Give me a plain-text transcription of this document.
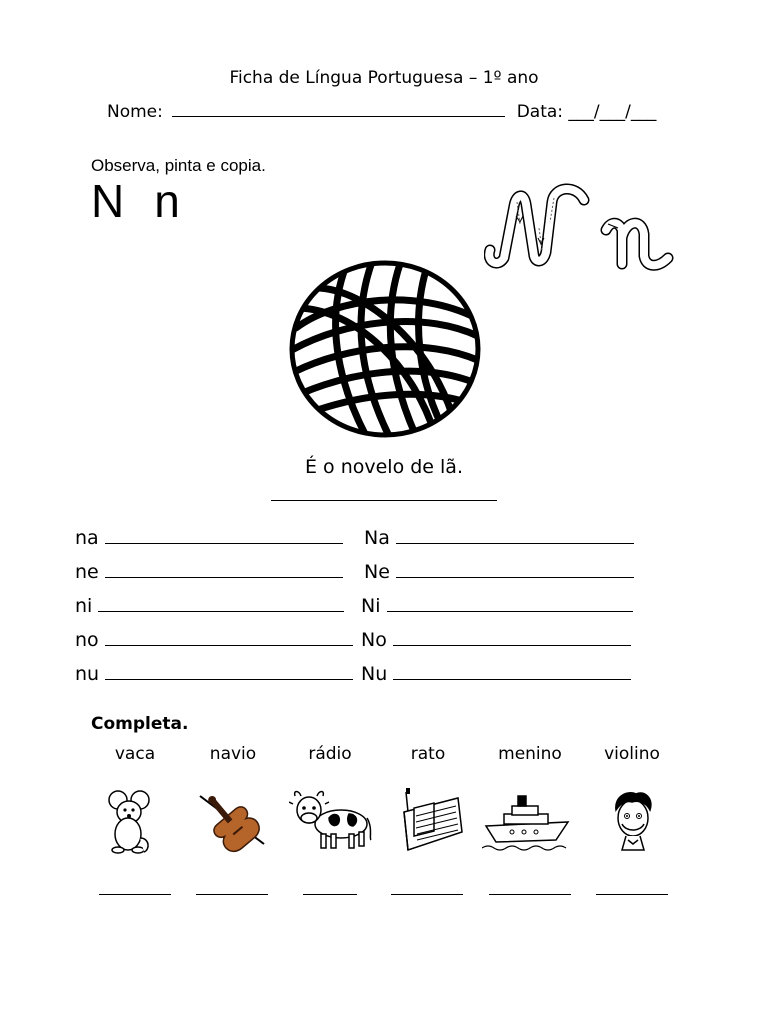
Ficha de Língua Portuguesa – 1º ano
Nome:	Data: ___/___/___
Observa, pinta e copia.
N n
É o novelo de lã.
na	Na
ne	Ne
ni	Ni
no	No
nu	Nu
Completa.
vaca	navio	rádio	rato	menino	violino
